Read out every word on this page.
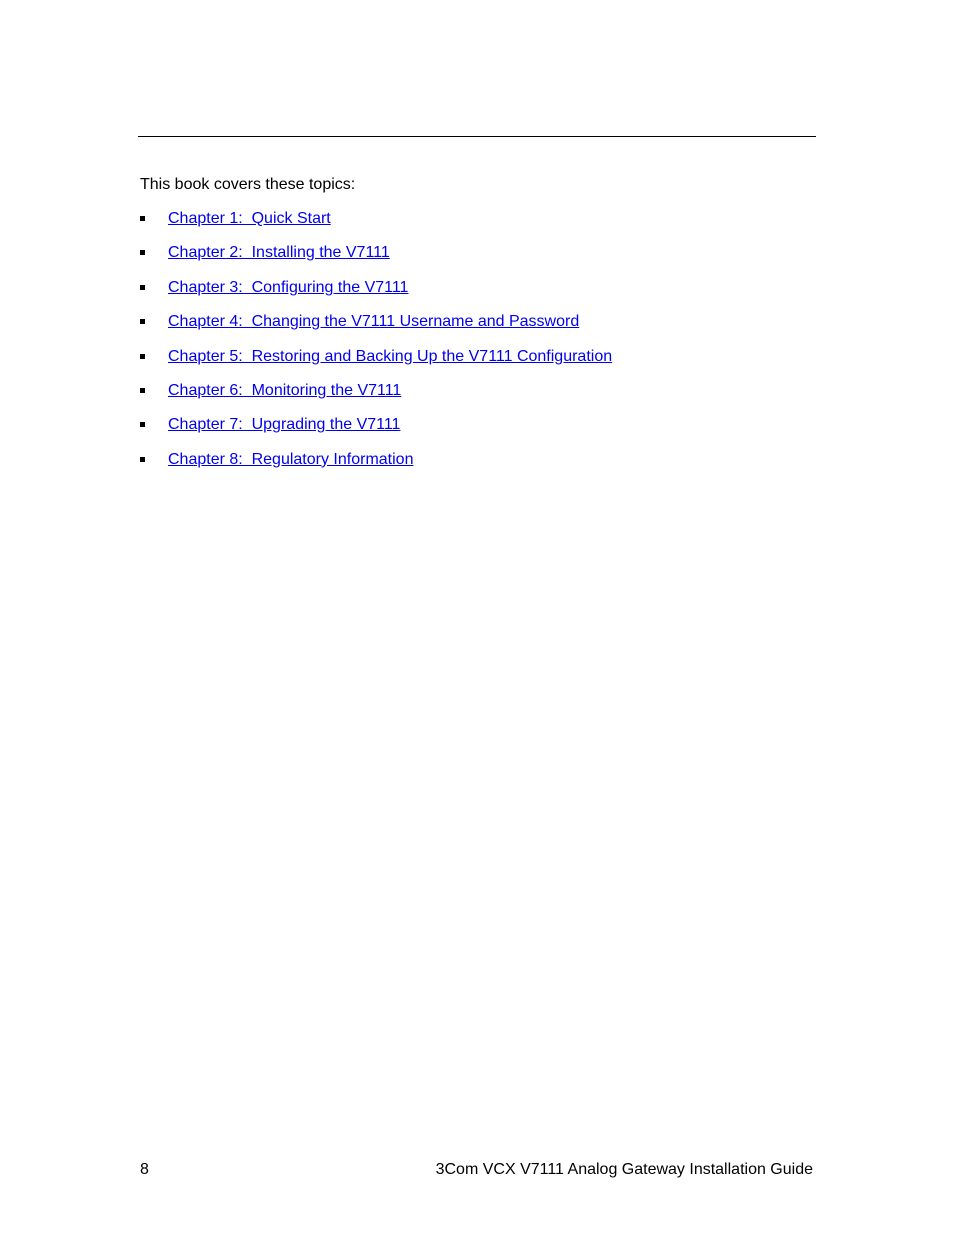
This book covers these topics:

Chapter 1:  Quick Start
Chapter 2:  Installing the V7111
Chapter 3:  Configuring the V7111
Chapter 4:  Changing the V7111 Username and Password
Chapter 5:  Restoring and Backing Up the V7111 Configuration
Chapter 6:  Monitoring the V7111
Chapter 7:  Upgrading the V7111
Chapter 8:  Regulatory Information

8	3Com VCX V7111 Analog Gateway Installation Guide
